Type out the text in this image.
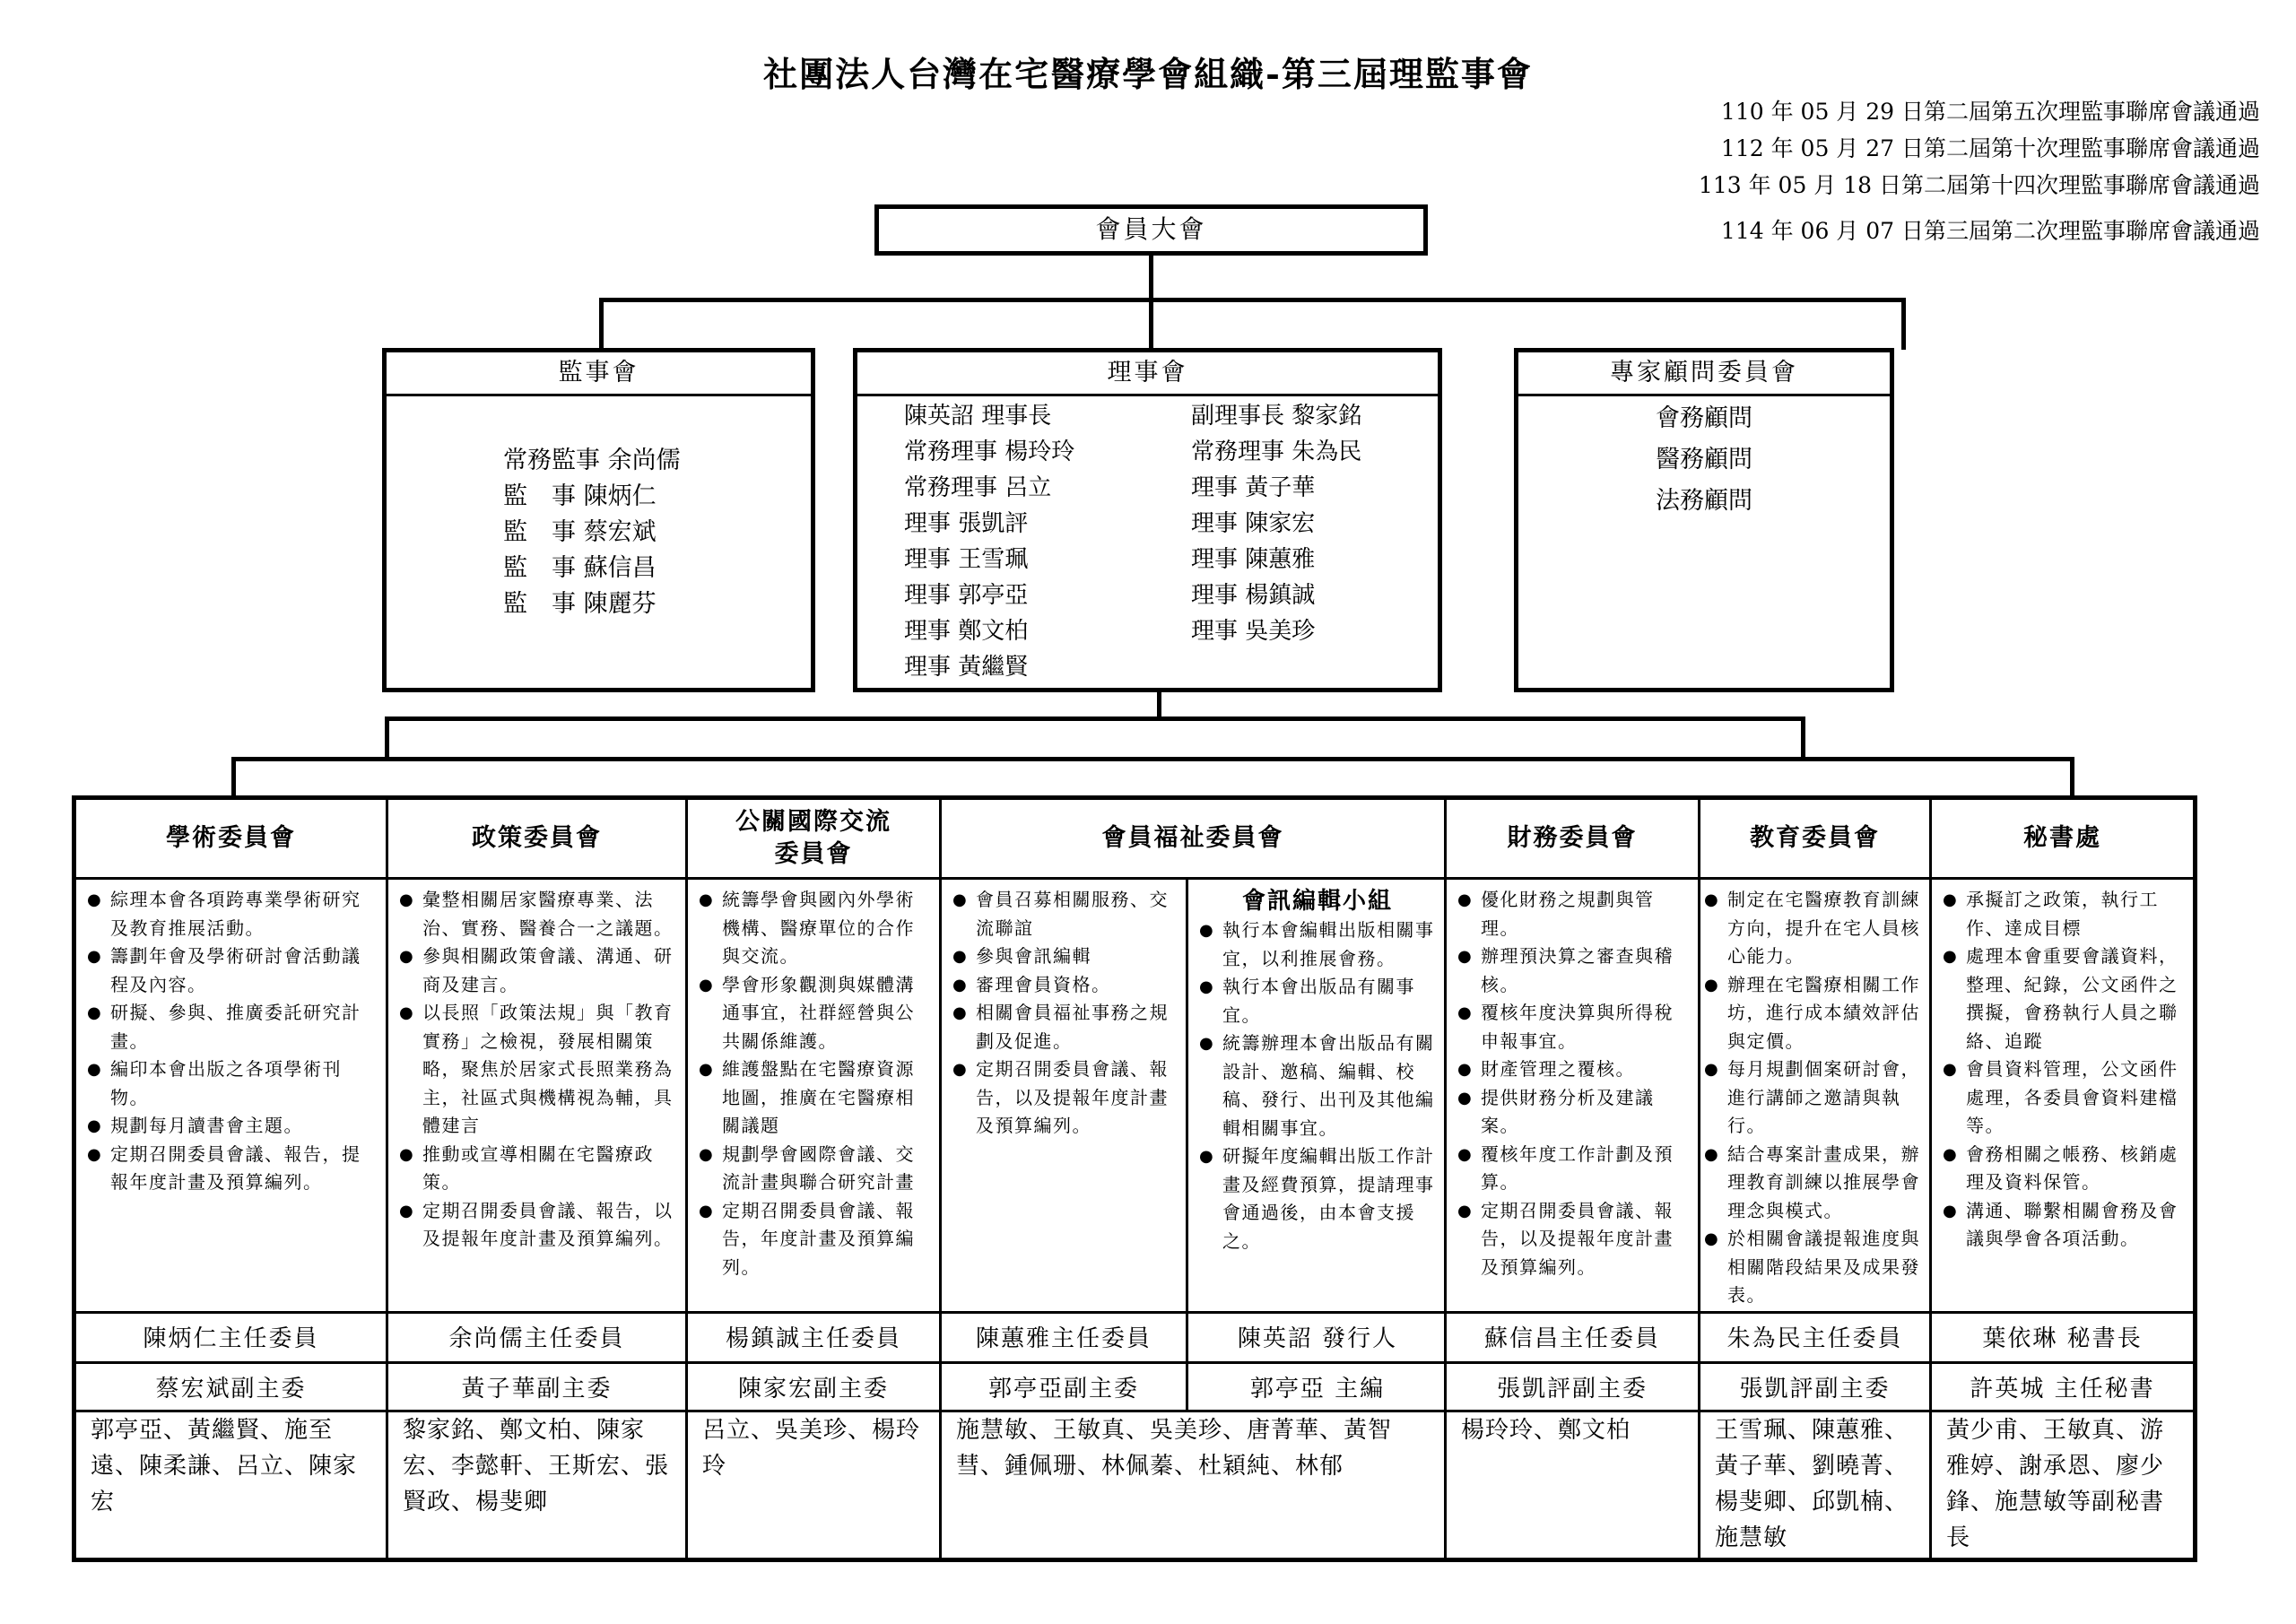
社團法人台灣在宅醫療學會組織-第三屆理監事會
110 年 05 月 29 日第二屆第五次理監事聯席會議通過
112 年 05 月 27 日第二屆第十次理監事聯席會議通過
113 年 05 月 18 日第二屆第十四次理監事聯席會議通過
114 年 06 月 07 日第三屆第二次理監事聯席會議通過
會員大會
監事會
常務監事 余尚儒
監　事 陳炳仁
監　事 蔡宏斌
監　事 蘇信昌
監　事 陳麗芬
理事會
陳英詔 理事長	副理事長 黎家銘
常務理事 楊玲玲	常務理事 朱為民
常務理事 呂立	理事 黃子華
理事 張凱評	理事 陳家宏
理事 王雪珮	理事 陳蕙雅
理事 郭亭亞	理事 楊鎮誠
理事 鄭文柏	理事 吳美珍
理事 黃繼賢
專家顧問委員會
會務顧問
醫務顧問
法務顧問
學術委員會
● 綜理本會各項跨專業學術研究及教育推展活動。
● 籌劃年會及學術研討會活動議程及內容。
● 研擬、參與、推廣委託研究計畫。
● 編印本會出版之各項學術刊物。
● 規劃每月讀書會主題。
● 定期召開委員會議、報告，提報年度計畫及預算編列。
陳炳仁主任委員
蔡宏斌副主委
郭亭亞、黃繼賢、施至遠、陳柔謙、呂立、陳家宏
政策委員會
● 彙整相關居家醫療專業、法治、實務、醫養合一之議題。
● 參與相關政策會議、溝通、研商及建言。
● 以長照「政策法規」與「教育實務」之檢視，發展相關策略，聚焦於居家式長照業務為主，社區式與機構視為輔，具體建言
● 推動或宣導相關在宅醫療政策。
● 定期召開委員會議、報告，以及提報年度計畫及預算編列。
余尚儒主任委員
黃子華副主委
黎家銘、鄭文柏、陳家宏、李懿軒、王斯宏、張賢政、楊斐卿
公關國際交流
委員會
● 統籌學會與國內外學術機構、醫療單位的合作與交流。
● 學會形象觀測與媒體溝通事宜，社群經營與公共關係維護。
● 維護盤點在宅醫療資源地圖，推廣在宅醫療相關議題
● 規劃學會國際會議、交流計畫與聯合研究計畫
● 定期召開委員會議、報告，年度計畫及預算編列。
楊鎮誠主任委員
陳家宏副主委
呂立、吳美珍、楊玲玲
會員福祉委員會
● 會員召募相關服務、交流聯誼
● 參與會訊編輯
● 審理會員資格。
● 相關會員福祉事務之規劃及促進。
● 定期召開委員會議、報告，以及提報年度計畫及預算編列。
會訊編輯小組
● 執行本會編輯出版相關事宜，以利推展會務。
● 執行本會出版品有關事宜。
● 統籌辦理本會出版品有關設計、邀稿、編輯、校稿、發行、出刊及其他編輯相關事宜。
● 研擬年度編輯出版工作計畫及經費預算，提請理事會通過後，由本會支援之。
陳蕙雅主任委員	陳英詔 發行人
郭亭亞副主委	郭亭亞 主編
施慧敏、王敏真、吳美珍、唐菁華、黃智彗、鍾佩珊、林佩蓁、杜穎純、林郁
財務委員會
● 優化財務之規劃與管理。
● 辦理預決算之審查與稽核。
● 覆核年度決算與所得稅申報事宜。
● 財產管理之覆核。
● 提供財務分析及建議案。
● 覆核年度工作計劃及預算。
● 定期召開委員會議、報告，以及提報年度計畫及預算編列。
蘇信昌主任委員
張凱評副主委
楊玲玲、鄭文柏
教育委員會
● 制定在宅醫療教育訓練方向，提升在宅人員核心能力。
● 辦理在宅醫療相關工作坊，進行成本績效評估與定價。
● 每月規劃個案研討會，進行講師之邀請與執行。
● 結合專案計畫成果，辦理教育訓練以推展學會理念與模式。
● 於相關會議提報進度與相關階段結果及成果發表。
朱為民主任委員
張凱評副主委
王雪珮、陳蕙雅、黃子華、劉曉菁、楊斐卿、邱凱楠、施慧敏
秘書處
● 承擬訂之政策，執行工作、達成目標
● 處理本會重要會議資料，整理、紀錄，公文函件之撰擬，會務執行人員之聯絡、追蹤
● 會員資料管理，公文函件處理，各委員會資料建檔等。
● 會務相關之帳務、核銷處理及資料保管。
● 溝通、聯繫相關會務及會議與學會各項活動。
葉依琳 秘書長
許英城 主任秘書
黃少甫、王敏真、游雅婷、謝承恩、廖少鋒、施慧敏等副秘書長
